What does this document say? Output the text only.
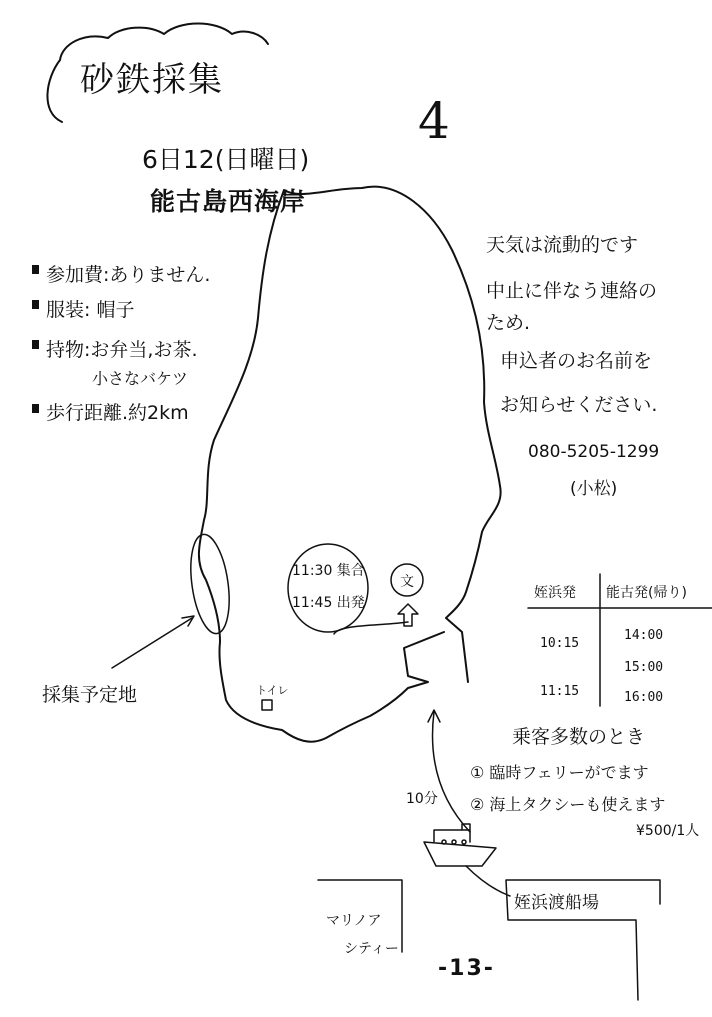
砂鉄採集
4
6日12(日曜日)
能古島西海岸
参加費:ありません.
服装: 帽子
持物:お弁当,お茶.
小さなバケツ
歩行距離.約2km
天気は流動的です
中止に伴なう連絡の
ため.
申込者のお名前を
お知らせください.
080-5205-1299
(小松)
11:30 集合
11:45 出発
文
トイレ
採集予定地
10分
マリノア
シティー
姪浜渡船場
姪浜発 能古発(帰り)
10:15
11:15
14:00
15:00
16:00
乗客多数のとき
① 臨時フェリーがでます
② 海上タクシーも使えます
¥500/1人
-13-
